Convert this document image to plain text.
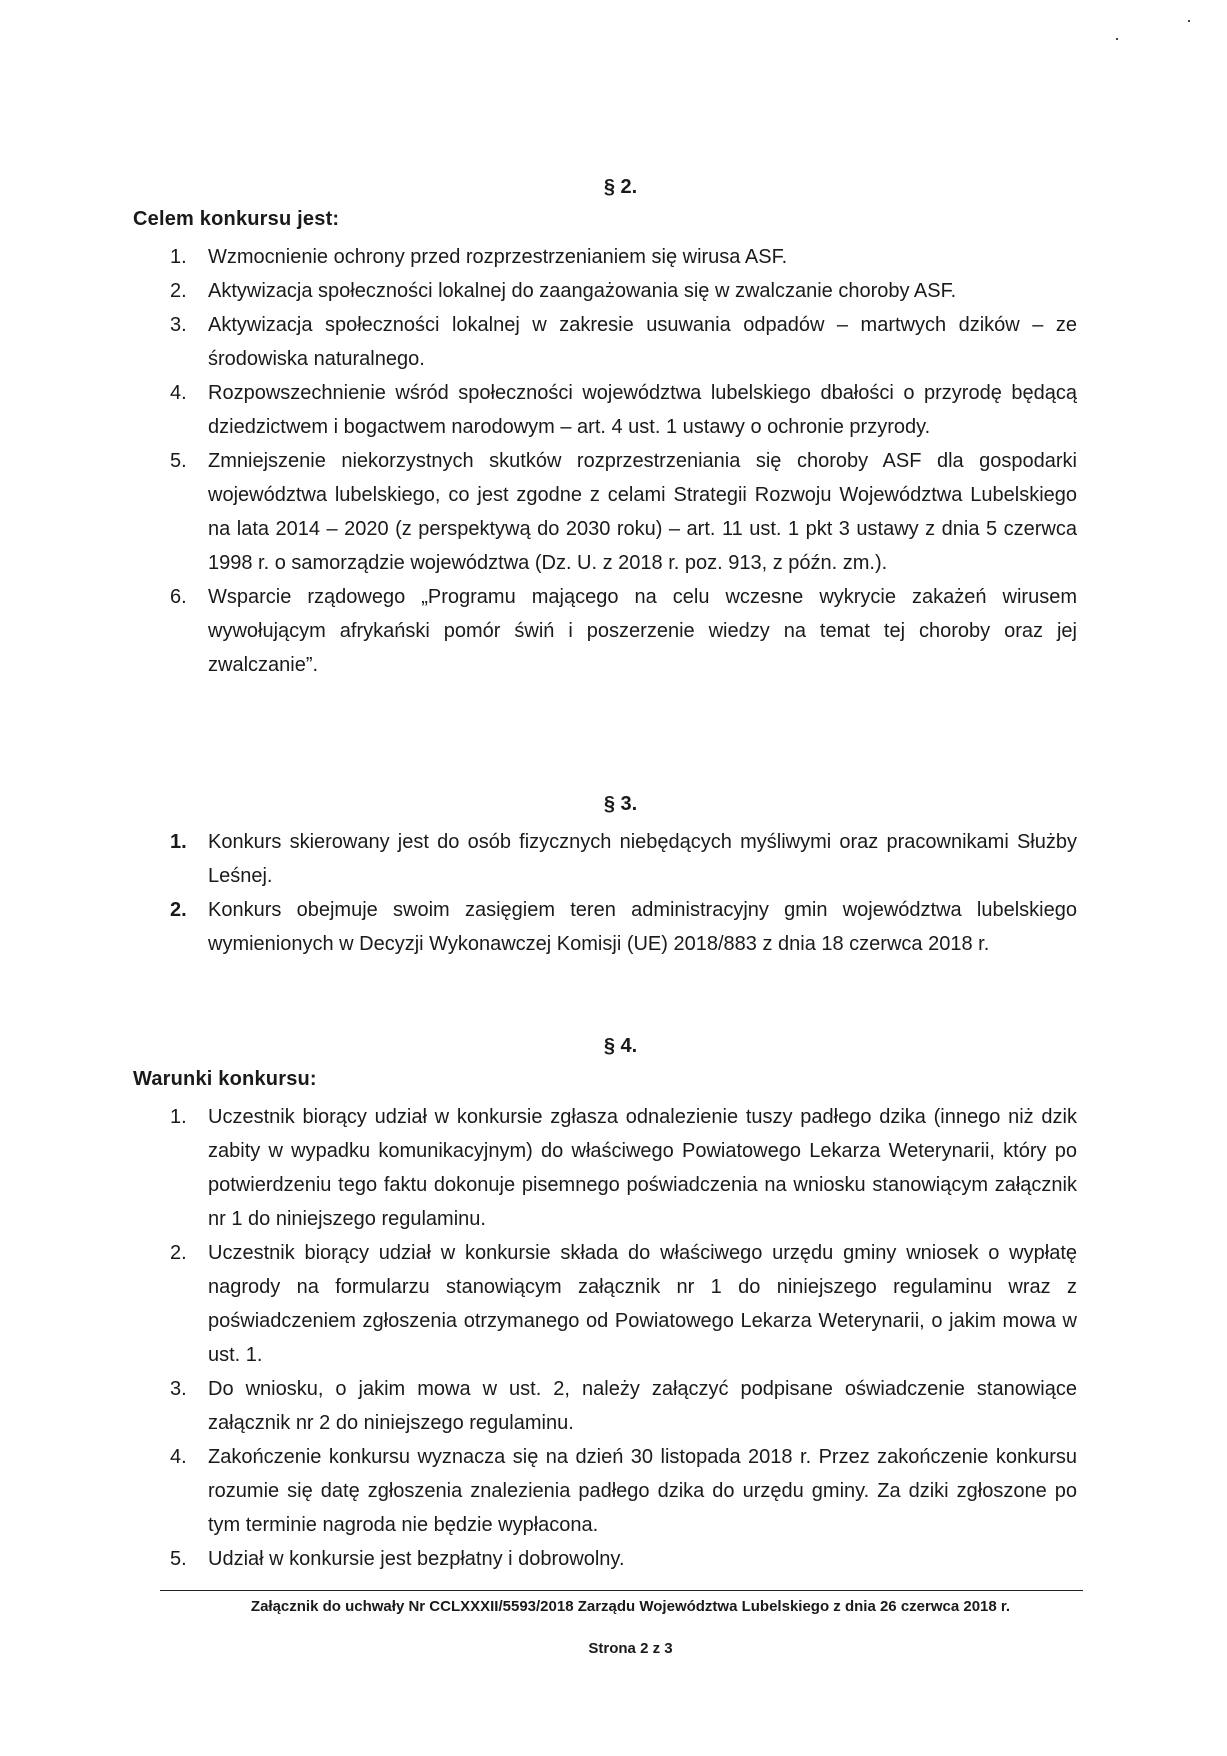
§ 2.
Celem konkursu jest:
1. Wzmocnienie ochrony przed rozprzestrzenianiem się wirusa ASF.
2. Aktywizacja społeczności lokalnej do zaangażowania się w zwalczanie choroby ASF.
3. Aktywizacja społeczności lokalnej w zakresie usuwania odpadów – martwych dzików – ze środowiska naturalnego.
4. Rozpowszechnienie wśród społeczności województwa lubelskiego dbałości o przyrodę będącą dziedzictwem i bogactwem narodowym – art. 4 ust. 1 ustawy o ochronie przyrody.
5. Zmniejszenie niekorzystnych skutków rozprzestrzeniania się choroby ASF dla gospodarki województwa lubelskiego, co jest zgodne z celami Strategii Rozwoju Województwa Lubelskiego na lata 2014 – 2020 (z perspektywą do 2030 roku) – art. 11 ust. 1 pkt 3 ustawy z dnia 5 czerwca 1998 r. o samorządzie województwa (Dz. U. z 2018 r. poz. 913, z późn. zm.).
6. Wsparcie rządowego „Programu mającego na celu wczesne wykrycie zakażeń wirusem wywołującym afrykański pomór świń i poszerzenie wiedzy na temat tej choroby oraz jej zwalczanie”.
§ 3.
1. Konkurs skierowany jest do osób fizycznych niebędących myśliwymi oraz pracownikami Służby Leśnej.
2. Konkurs obejmuje swoim zasięgiem teren administracyjny gmin województwa lubelskiego wymienionych w Decyzji Wykonawczej Komisji (UE) 2018/883 z dnia 18 czerwca 2018 r.
§ 4.
Warunki konkursu:
1. Uczestnik biorący udział w konkursie zgłasza odnalezienie tuszy padłego dzika (innego niż dzik zabity w wypadku komunikacyjnym) do właściwego Powiatowego Lekarza Weterynarii, który po potwierdzeniu tego faktu dokonuje pisemnego poświadczenia na wniosku stanowiącym załącznik nr 1 do niniejszego regulaminu.
2. Uczestnik biorący udział w konkursie składa do właściwego urzędu gminy wniosek o wypłatę nagrody na formularzu stanowiącym załącznik nr 1 do niniejszego regulaminu wraz z poświadczeniem zgłoszenia otrzymanego od Powiatowego Lekarza Weterynarii, o jakim mowa w ust. 1.
3. Do wniosku, o jakim mowa w ust. 2, należy załączyć podpisane oświadczenie stanowiące załącznik nr 2 do niniejszego regulaminu.
4. Zakończenie konkursu wyznacza się na dzień 30 listopada 2018 r. Przez zakończenie konkursu rozumie się datę zgłoszenia znalezienia padłego dzika do urzędu gminy. Za dziki zgłoszone po tym terminie nagroda nie będzie wypłacona.
5. Udział w konkursie jest bezpłatny i dobrowolny.
Załącznik do uchwały Nr CCLXXXII/5593/2018 Zarządu Województwa Lubelskiego z dnia 26 czerwca 2018 r.
Strona 2 z 3
